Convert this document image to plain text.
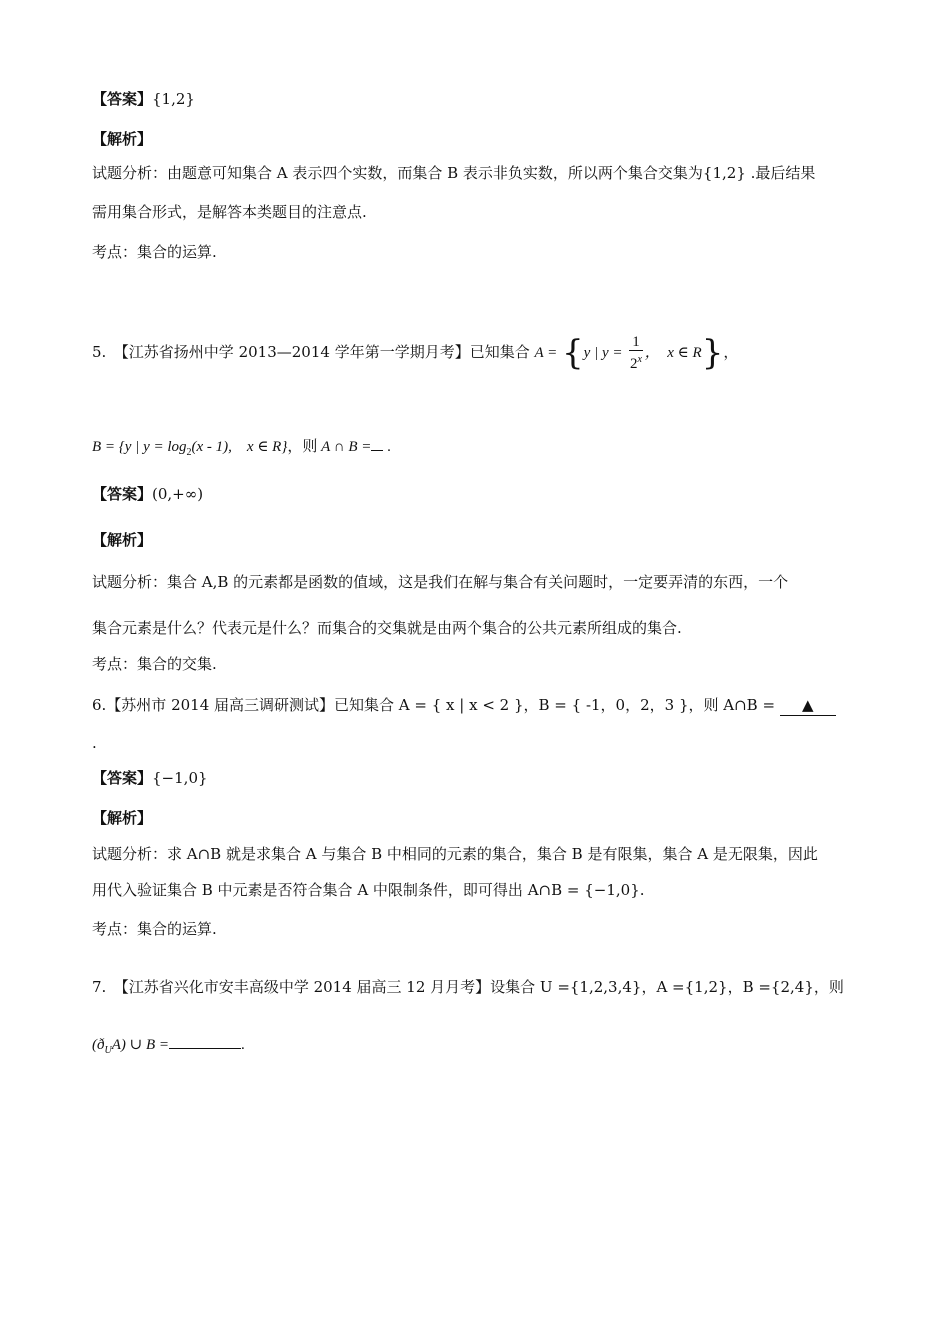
【答案】{1,2}
【解析】
试题分析：由题意可知集合 A 表示四个实数，而集合 B 表示非负实数，所以两个集合交集为{1,2} .最后结果
需用集合形式，是解答本类题目的注意点.
考点：集合的运算.
5.　【江苏省扬州中学 2013—2014 学年第一学期月考】已知集合 A = {y | $y = \frac{1}{2^x}$ ，　x ∈ R}，
B = {y | $y = \log_2(x - 1)$,　x ∈ R}，则 A ∩ B = .
【答案】(0,+∞)
【解析】
试题分析：集合 A,B 的元素都是函数的值域，这是我们在解与集合有关问题时，一定要弄清的东西，一个
集合元素是什么？代表元是什么？而集合的交集就是由两个集合的公共元素所组成的集合.
考点：集合的交集.
6.【苏州市 2014 届高三调研测试】已知集合 A = { x | x < 2 }，B = { -1，0，2，3 }，则 A∩B = ▲
.
【答案】{−1,0}
【解析】
试题分析：求 A∩B 就是求集合 A 与集合 B 中相同的元素的集合，集合 B 是有限集，集合 A 是无限集，因此
用代入验证集合 B 中元素是否符合集合 A 中限制条件，即可得出 A∩B = {−1,0}.
考点：集合的运算.
7.　【江苏省兴化市安丰高级中学 2014 届高三 12 月月考】设集合 U ={1,2,3,4}，A ={1,2}，B ={2,4}，则
$(ð_UA)$ ∪ B =	.
